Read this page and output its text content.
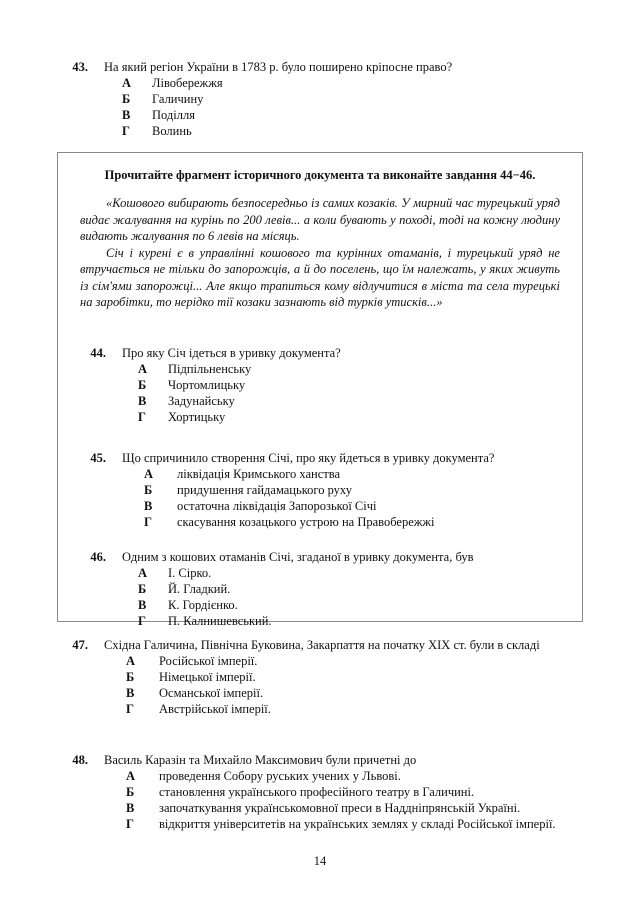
43. На який регіон України в 1783 р. було поширено кріпосне право?

А	Лівобережжя
Б	Галичину
В	Поділля
Г	Волинь
Прочитайте фрагмент історичного документа та виконайте завдання 44−46.

«Кошового вибирають безпосередньо із самих козаків. У мирний час турецький уряд видає жалування на курінь по 200 левів... а коли бувають у поході, тоді на кожну людину видають жалування по 6 левів на місяць.

Січ і курені є в управлінні кошового та курінних отаманів, і турецький уряд не втручається не тільки до запорожців, а й до поселень, що їм належать, у яких живуть із сім'ями запорожці... Але якщо трапиться кому відлучитися в міста та села турецькі на заробітки, то нерідко тії козаки зазнають від турків утисків...»

44. Про яку Січ ідеться в уривку документа?

А	Підпільненську
Б	Чортомлицьку
В	Задунайську
Г	Хортицьку
45. Що спричинило створення Січі, про яку йдеться в уривку документа?

А	ліквідація Кримського ханства
Б	придушення гайдамацького руху
В	остаточна ліквідація Запорозької Січі
Г	скасування козацького устрою на Правобережжі
46. Одним з кошових отаманів Січі, згаданої в уривку документа, був

А	І. Сірко.
Б	Й. Гладкий.
В	К. Гордієнко.
Г	П. Калнишевський.
47. Східна Галичина, Північна Буковина, Закарпаття на початку XIX ст. були в складі

А	Російської імперії.
Б	Німецької імперії.
В	Османської імперії.
Г	Австрійської імперії.
48. Василь Каразін та Михайло Максимович були причетні до

А	проведення Собору руських учених у Львові.
Б	становлення українського професійного театру в Галичині.
В	започаткування українськомовної преси в Наддніпрянській Україні.
Г	відкриття університетів на українських землях у складі Російської імперії.
14
